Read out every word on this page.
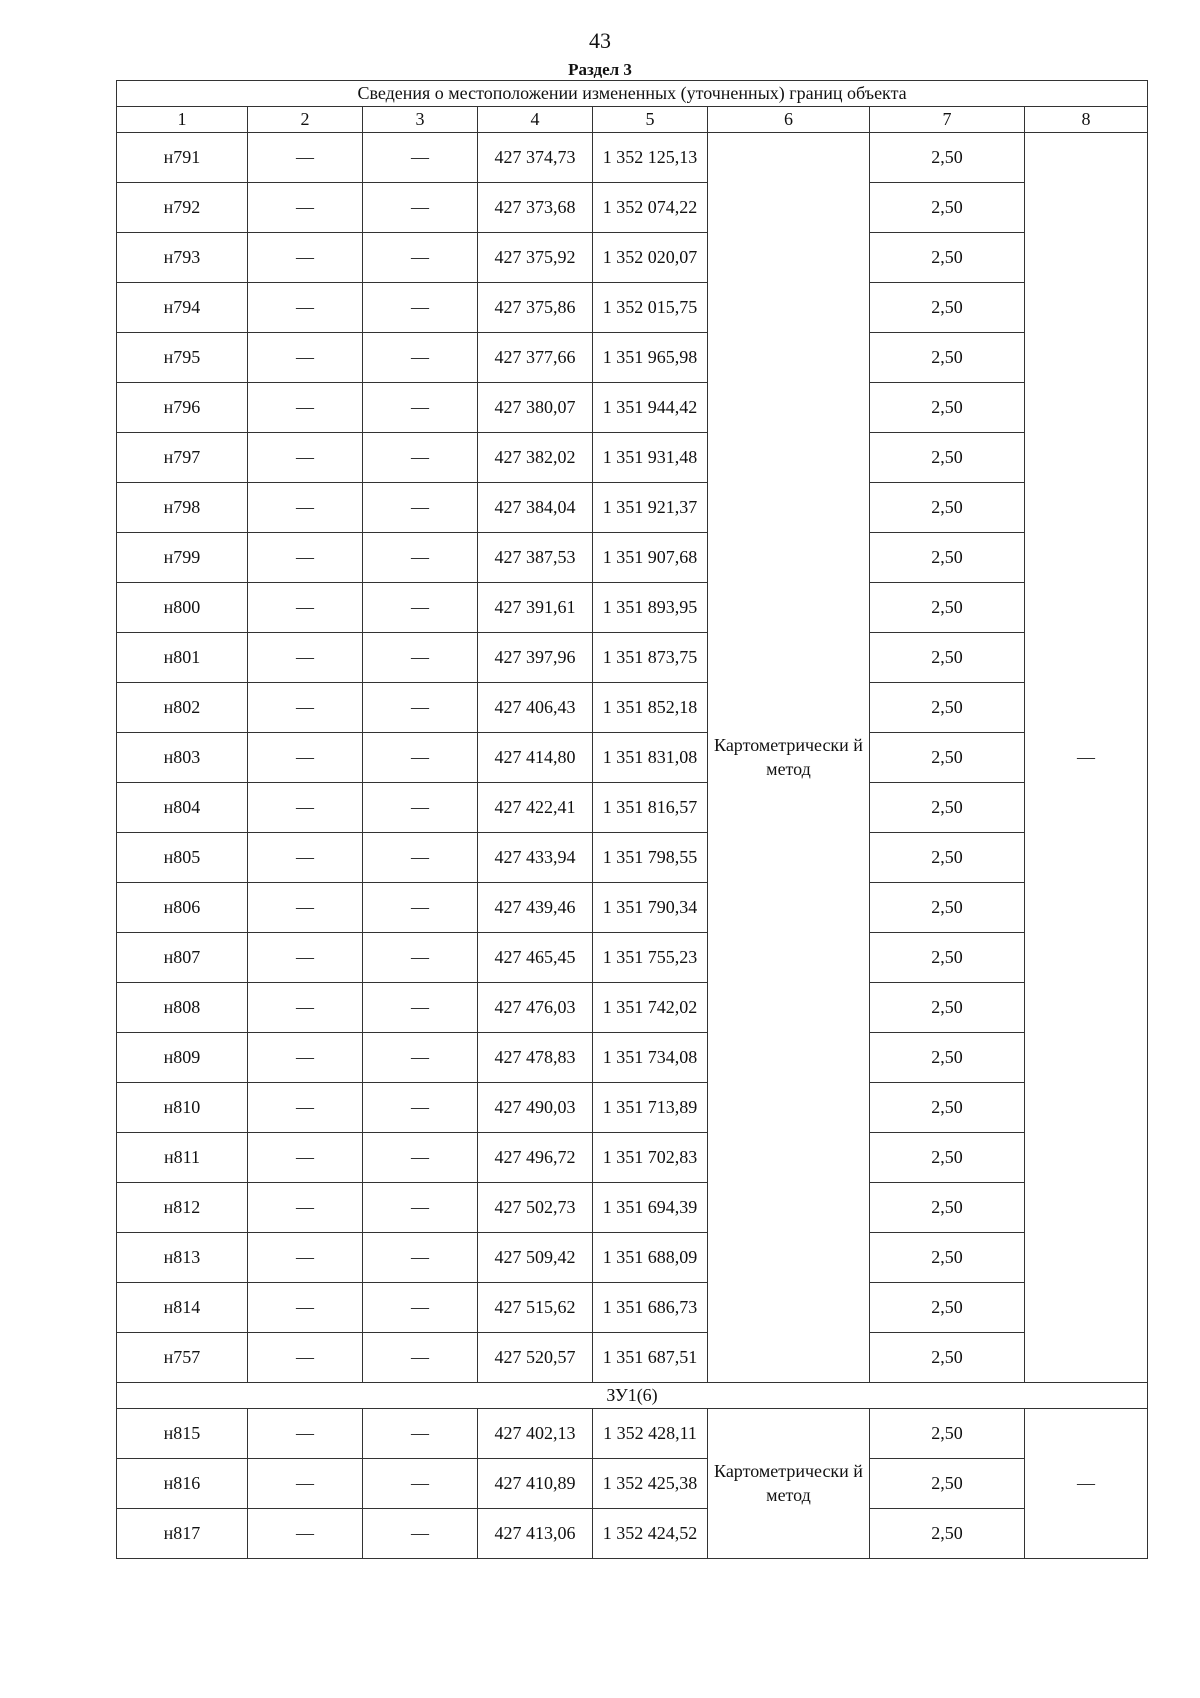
43
Раздел 3
Сведения о местоположении измененных (уточненных) границ объекта							
1	2	3	4	5	6	7	8
н791	—	—	427 374,73	1 352 125,13	Картометрически й метод	2,50	—
н792	—	—	427 373,68	1 352 074,22		2,50	
н793	—	—	427 375,92	1 352 020,07		2,50	
н794	—	—	427 375,86	1 352 015,75		2,50	
н795	—	—	427 377,66	1 351 965,98		2,50	
н796	—	—	427 380,07	1 351 944,42		2,50	
н797	—	—	427 382,02	1 351 931,48		2,50	
н798	—	—	427 384,04	1 351 921,37		2,50	
н799	—	—	427 387,53	1 351 907,68		2,50	
н800	—	—	427 391,61	1 351 893,95		2,50	
н801	—	—	427 397,96	1 351 873,75		2,50	
н802	—	—	427 406,43	1 351 852,18		2,50	
н803	—	—	427 414,80	1 351 831,08		2,50	
н804	—	—	427 422,41	1 351 816,57		2,50	
н805	—	—	427 433,94	1 351 798,55		2,50	
н806	—	—	427 439,46	1 351 790,34		2,50	
н807	—	—	427 465,45	1 351 755,23		2,50	
н808	—	—	427 476,03	1 351 742,02		2,50	
н809	—	—	427 478,83	1 351 734,08		2,50	
н810	—	—	427 490,03	1 351 713,89		2,50	
н811	—	—	427 496,72	1 351 702,83		2,50	
н812	—	—	427 502,73	1 351 694,39		2,50	
н813	—	—	427 509,42	1 351 688,09		2,50	
н814	—	—	427 515,62	1 351 686,73		2,50	
н757	—	—	427 520,57	1 351 687,51		2,50	
ЗУ1(6)							
н815	—	—	427 402,13	1 352 428,11	Картометрически й метод	2,50	—
н816	—	—	427 410,89	1 352 425,38		2,50	
н817	—	—	427 413,06	1 352 424,52		2,50	
